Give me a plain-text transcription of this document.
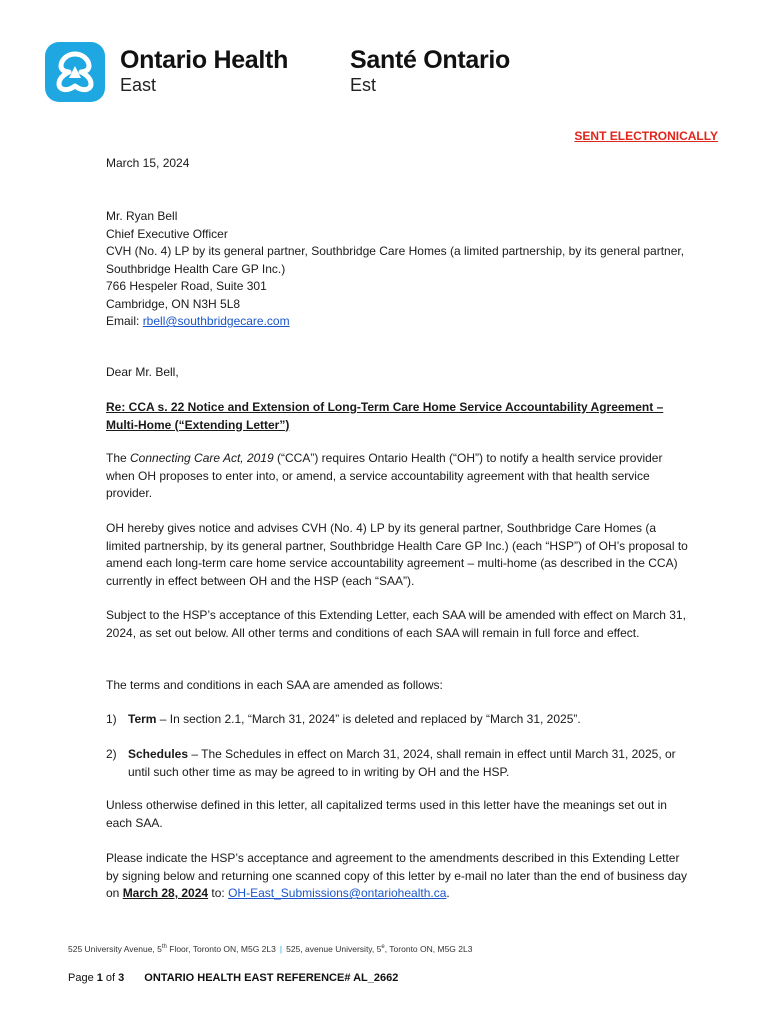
Ontario Health
East
Santé Ontario
Est
SENT ELECTRONICALLY
March 15, 2024
Mr. Ryan Bell
Chief Executive Officer
CVH (No. 4) LP by its general partner, Southbridge Care Homes (a limited partnership, by its general partner, Southbridge Health Care GP Inc.)
766 Hespeler Road, Suite 301
Cambridge, ON N3H 5L8
Email: rbell@southbridgecare.com
Dear Mr. Bell,
Re: CCA s. 22 Notice and Extension of Long-Term Care Home Service Accountability Agreement – Multi-Home (“Extending Letter”)
The Connecting Care Act, 2019 (“CCA”) requires Ontario Health (“OH”) to notify a health service provider when OH proposes to enter into, or amend, a service accountability agreement with that health service provider.
OH hereby gives notice and advises CVH (No. 4) LP by its general partner, Southbridge Care Homes (a limited partnership, by its general partner, Southbridge Health Care GP Inc.) (each “HSP”) of OH’s proposal to amend each long-term care home service accountability agreement – multi-home (as described in the CCA) currently in effect between OH and the HSP (each “SAA”).
Subject to the HSP’s acceptance of this Extending Letter, each SAA will be amended with effect on March 31, 2024, as set out below. All other terms and conditions of each SAA will remain in full force and effect.
The terms and conditions in each SAA are amended as follows:
1) Term – In section 2.1, “March 31, 2024” is deleted and replaced by “March 31, 2025”.
2) Schedules – The Schedules in effect on March 31, 2024, shall remain in effect until March 31, 2025, or until such other time as may be agreed to in writing by OH and the HSP.
Unless otherwise defined in this letter, all capitalized terms used in this letter have the meanings set out in each SAA.
Please indicate the HSP’s acceptance and agreement to the amendments described in this Extending Letter by signing below and returning one scanned copy of this letter by e-mail no later than the end of business day on March 28, 2024 to: OH-East_Submissions@ontariohealth.ca.
525 University Avenue, 5th Floor, Toronto ON, M5G 2L3 | 525, avenue University, 5e, Toronto ON, M5G 2L3
Page 1 of 3 ONTARIO HEALTH EAST REFERENCE# AL_2662
